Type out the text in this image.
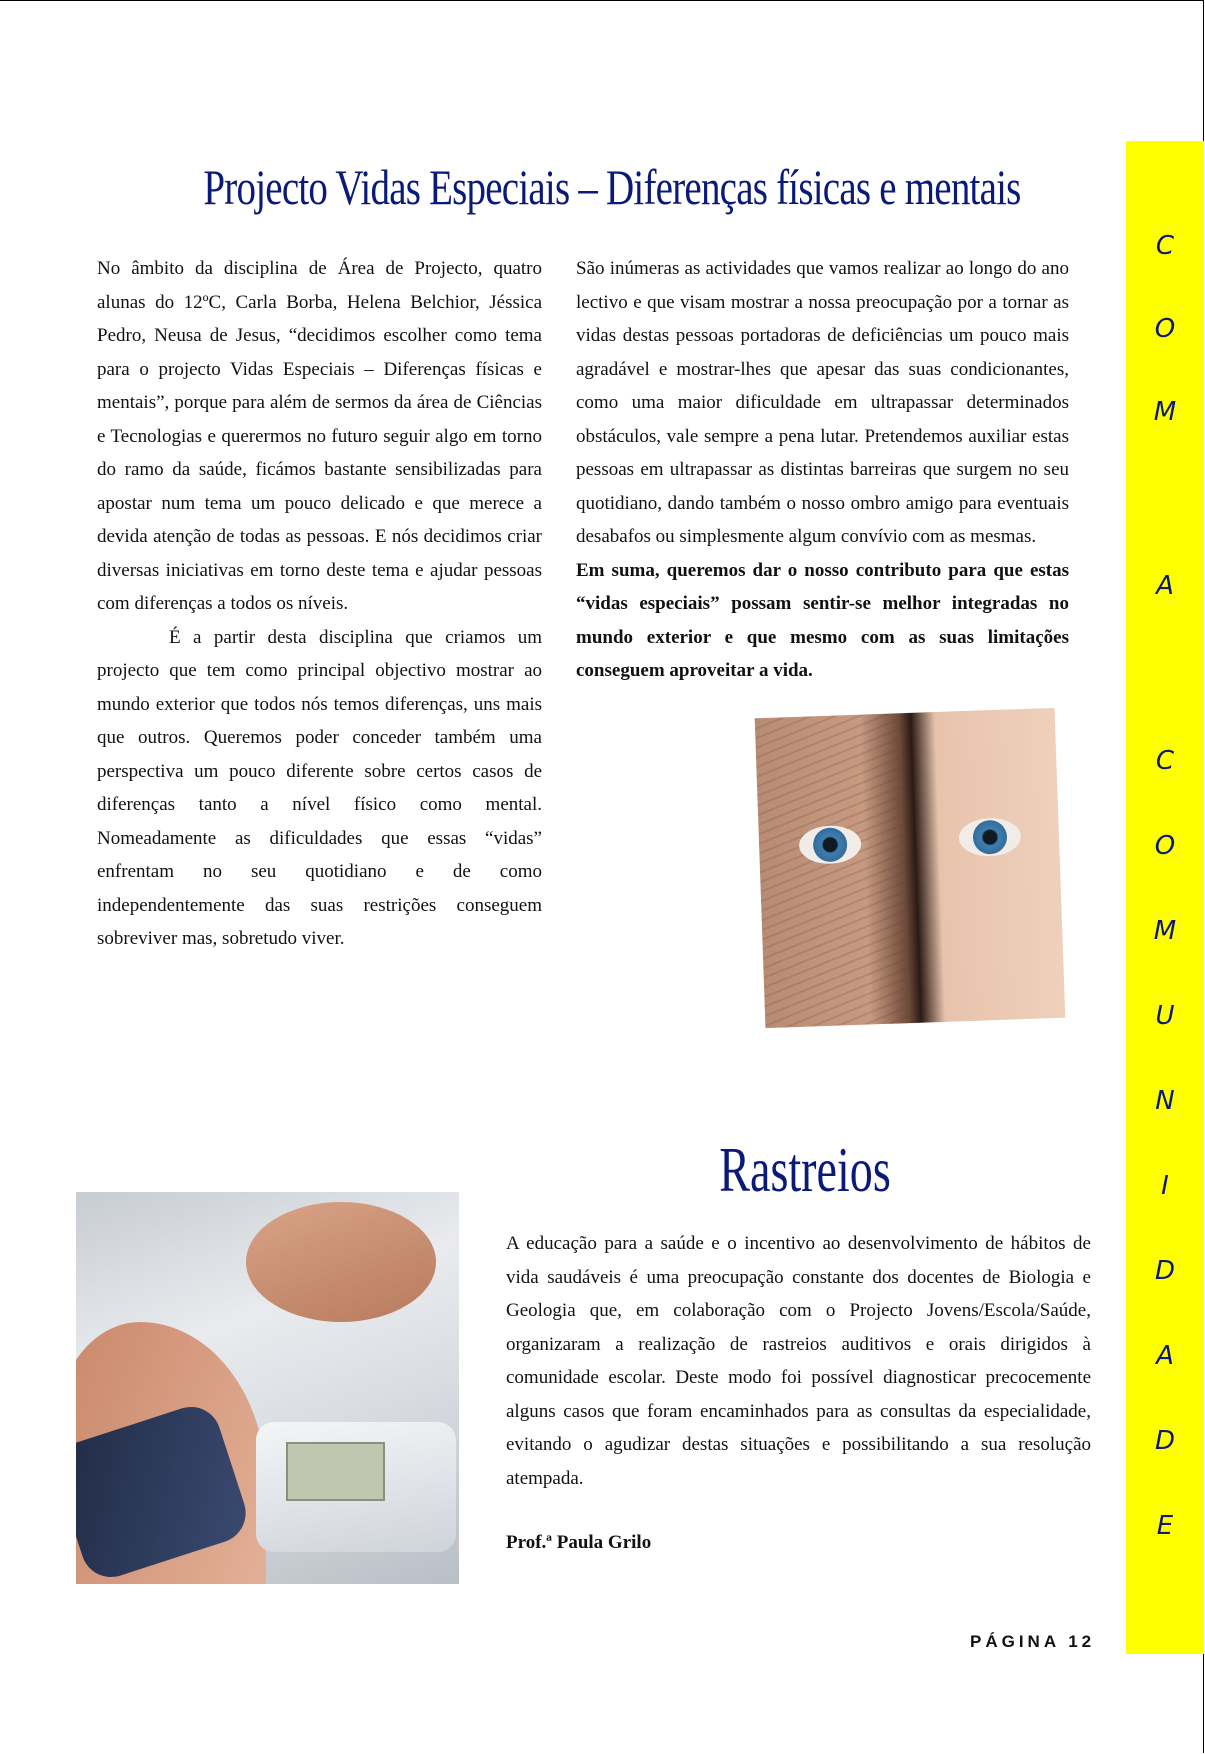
Projecto Vidas Especiais – Diferenças físicas e mentais

No âmbito da disciplina de Área de Projecto, quatro alunas do 12ºC, Carla Borba, Helena Belchior, Jéssica Pedro, Neusa de Jesus, “decidimos escolher como tema para o projecto Vidas Especiais – Diferenças físicas e mentais”, porque para além de sermos da área de Ciências e Tecnologias e querermos no futuro seguir algo em torno do ramo da saúde, ficámos bastante sensibilizadas para apostar num tema um pouco delicado e que merece a devida atenção de todas as pessoas. E nós decidimos criar diversas iniciativas em torno deste tema e ajudar pessoas com diferenças a todos os níveis.

É a partir desta disciplina que criamos um projecto que tem como principal objectivo mostrar ao mundo exterior que todos nós temos diferenças, uns mais que outros. Queremos poder conceder também uma perspectiva um pouco diferente sobre certos casos de diferenças tanto a nível físico como mental. Nomeadamente as dificuldades que essas “vidas” enfrentam no seu quotidiano e de como independentemente das suas restrições conseguem sobreviver mas, sobretudo viver.

São inúmeras as actividades que vamos realizar ao longo do ano lectivo e que visam mostrar a nossa preocupação por a tornar as vidas destas pessoas portadoras de deficiências um pouco mais agradável e mostrar-lhes que apesar das suas condicionantes, como uma maior dificuldade em ultrapassar determinados obstáculos, vale sempre a pena lutar. Pretendemos auxiliar estas pessoas em ultrapassar as distintas barreiras que surgem no seu quotidiano, dando também o nosso ombro amigo para eventuais desabafos ou simplesmente algum convívio com as mesmas.

Em suma, queremos dar o nosso contributo para que estas “vidas especiais” possam sentir-se melhor integradas no mundo exterior e que mesmo com as suas limitações conseguem aproveitar a vida.

Rastreios

A educação para a saúde e o incentivo ao desenvolvimento de hábitos de vida saudáveis é uma preocupação constante dos docentes de Biologia e Geologia que, em colaboração com o Projecto Jovens/Escola/Saúde, organizaram a realização de rastreios auditivos e orais dirigidos à comunidade escolar. Deste modo foi possível diagnosticar precocemente alguns casos que foram encaminhados para as consultas da especialidade, evitando o agudizar destas situações e possibilitando a sua resolução atempada.

Prof.ª Paula Grilo
C
O
M
A
C
O
M
U
N
I
D
A
D
E
PÁGINA 12
